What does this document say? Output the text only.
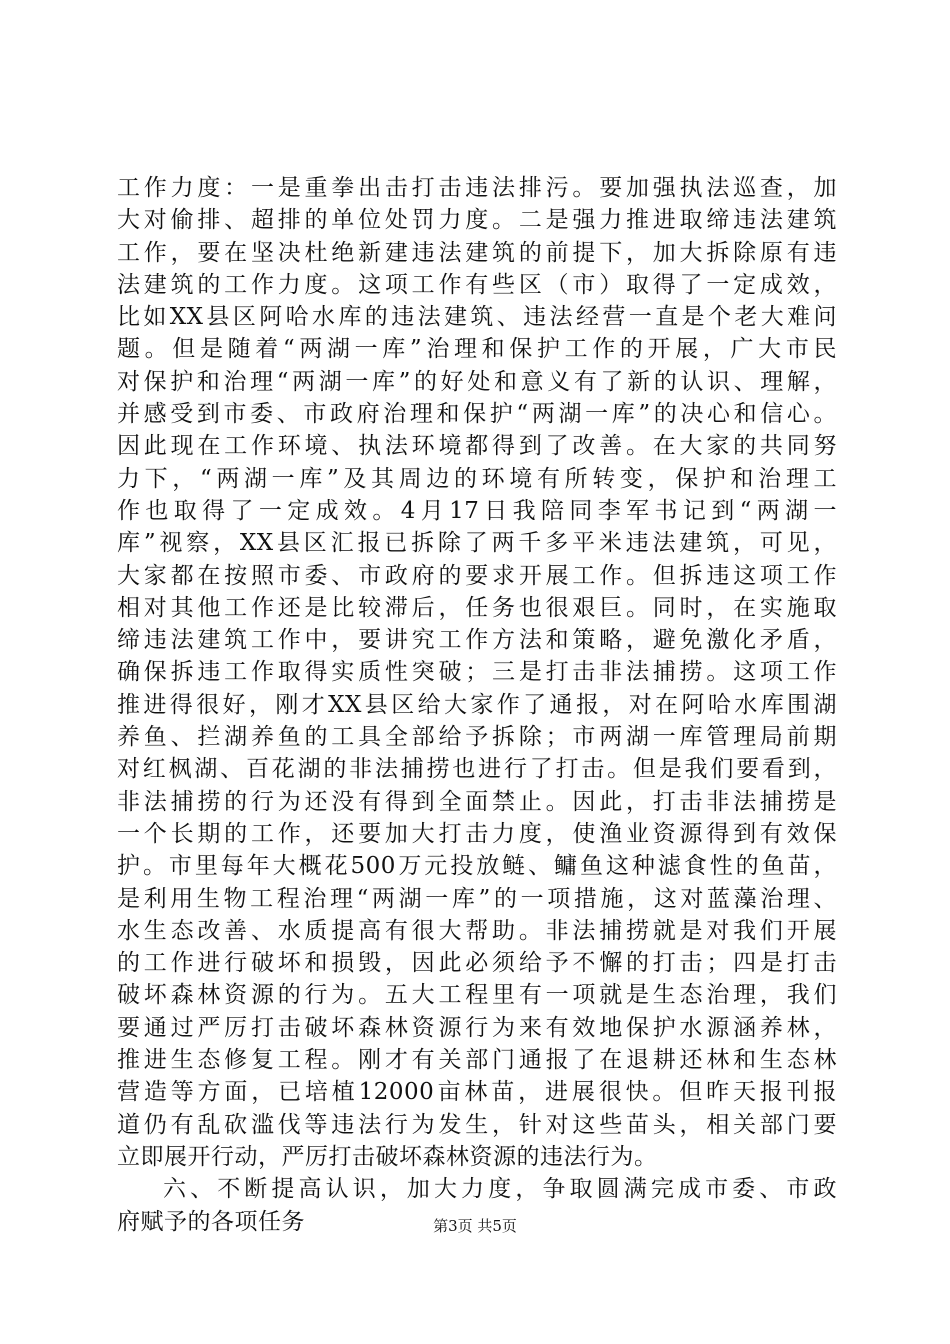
工作力度：一是重拳出击打击违法排污。要加强执法巡查，加
大对偷排、超排的单位处罚力度。二是强力推进取缔违法建筑
工作，要在坚决杜绝新建违法建筑的前提下，加大拆除原有违
法建筑的工作力度。这项工作有些区（市）取得了一定成效，
比如XX县区阿哈水库的违法建筑、违法经营一直是个老大难问
题。但是随着“两湖一库”治理和保护工作的开展，广大市民
对保护和治理“两湖一库”的好处和意义有了新的认识、理解，
并感受到市委、市政府治理和保护“两湖一库”的决心和信心。
因此现在工作环境、执法环境都得到了改善。在大家的共同努
力下，“两湖一库”及其周边的环境有所转变，保护和治理工
作也取得了一定成效。4月17日我陪同李军书记到“两湖一
库”视察，XX县区汇报已拆除了两千多平米违法建筑，可见，
大家都在按照市委、市政府的要求开展工作。但拆违这项工作
相对其他工作还是比较滞后，任务也很艰巨。同时，在实施取
缔违法建筑工作中，要讲究工作方法和策略，避免激化矛盾，
确保拆违工作取得实质性突破；三是打击非法捕捞。这项工作
推进得很好，刚才XX县区给大家作了通报，对在阿哈水库围湖
养鱼、拦湖养鱼的工具全部给予拆除；市两湖一库管理局前期
对红枫湖、百花湖的非法捕捞也进行了打击。但是我们要看到，
非法捕捞的行为还没有得到全面禁止。因此，打击非法捕捞是
一个长期的工作，还要加大打击力度，使渔业资源得到有效保
护。市里每年大概花500万元投放鲢、鳙鱼这种滤食性的鱼苗，
是利用生物工程治理“两湖一库”的一项措施，这对蓝藻治理、
水生态改善、水质提高有很大帮助。非法捕捞就是对我们开展
的工作进行破坏和损毁，因此必须给予不懈的打击；四是打击
破坏森林资源的行为。五大工程里有一项就是生态治理，我们
要通过严厉打击破坏森林资源行为来有效地保护水源涵养林，
推进生态修复工程。刚才有关部门通报了在退耕还林和生态林
营造等方面，已培植12000亩林苗，进展很快。但昨天报刊报
道仍有乱砍滥伐等违法行为发生，针对这些苗头，相关部门要
立即展开行动，严厉打击破坏森林资源的违法行为。
六、不断提高认识，加大力度，争取圆满完成市委、市政
府赋予的各项任务	第3页 共5页
